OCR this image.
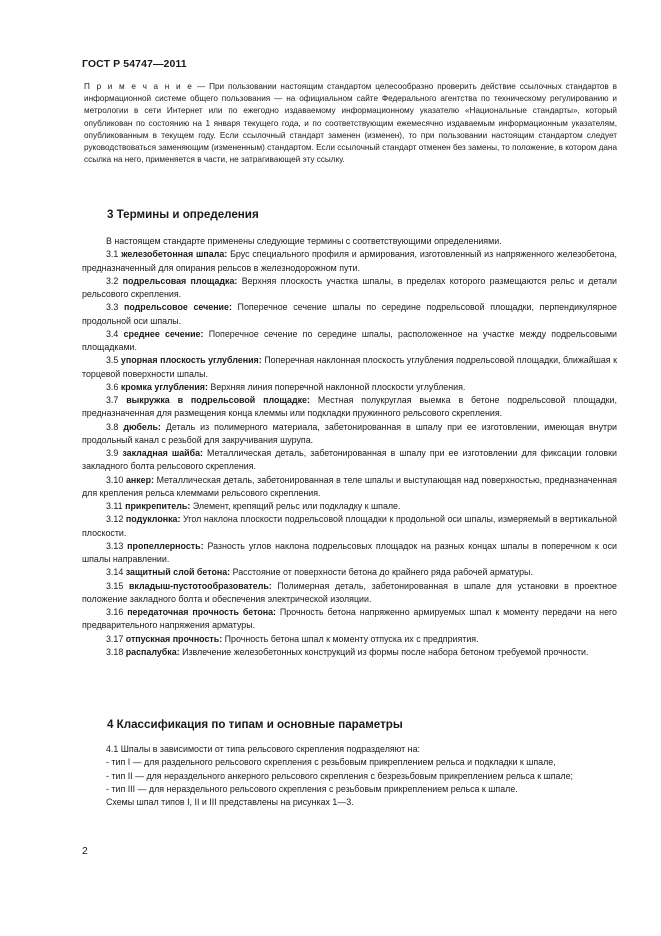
ГОСТ Р 54747—2011

П р и м е ч а н и е — При пользовании настоящим стандартом целесообразно проверить действие ссылочных стандартов в информационной системе общего пользования — на официальном сайте Федерального агентства по техническому регулированию и метрологии в сети Интернет или по ежегодно издаваемому информационному указателю «Национальные стандарты», который опубликован по состоянию на 1 января текущего года, и по соответствующим ежемесячно издаваемым информационным указателям, опубликованным в текущем году. Если ссылочный стандарт заменен (изменен), то при пользовании настоящим стандартом следует руководствоваться заменяющим (измененным) стандартом. Если ссылочный стандарт отменен без замены, то положение, в котором дана ссылка на него, применяется в части, не затрагивающей эту ссылку.

3 Термины и определения

В настоящем стандарте применены следующие термины с соответствующими определениями.

3.1 железобетонная шпала: Брус специального профиля и армирования, изготовленный из напряженного железобетона, предназначенный для опирания рельсов в железнодорожном пути.

3.2 подрельсовая площадка: Верхняя плоскость участка шпалы, в пределах которого размещаются рельс и детали рельсового скрепления.

3.3 подрельсовое сечение: Поперечное сечение шпалы по середине подрельсовой площадки, перпендикулярное продольной оси шпалы.

3.4 среднее сечение: Поперечное сечение по середине шпалы, расположенное на участке между подрельсовыми площадками.

3.5 упорная плоскость углубления: Поперечная наклонная плоскость углубления подрельсовой площадки, ближайшая к торцевой поверхности шпалы.

3.6 кромка углубления: Верхняя линия поперечной наклонной плоскости углубления.

3.7 выкружка в подрельсовой площадке: Местная полукруглая выемка в бетоне подрельсовой площадки, предназначенная для размещения конца клеммы или подкладки пружинного рельсового скрепления.

3.8 дюбель: Деталь из полимерного материала, забетонированная в шпалу при ее изготовлении, имеющая внутри продольный канал с резьбой для закручивания шурупа.

3.9 закладная шайба: Металлическая деталь, забетонированная в шпалу при ее изготовлении для фиксации головки закладного болта рельсового скрепления.

3.10 анкер: Металлическая деталь, забетонированная в теле шпалы и выступающая над поверхностью, предназначенная для крепления рельса клеммами рельсового скрепления.

3.11 прикрепитель: Элемент, крепящий рельс или подкладку к шпале.

3.12 подуклонка: Угол наклона плоскости подрельсовой площадки к продольной оси шпалы, измеряемый в вертикальной плоскости.

3.13 пропеллерность: Разность углов наклона подрельсовых площадок на разных концах шпалы в поперечном к оси шпалы направлении.

3.14 защитный слой бетона: Расстояние от поверхности бетона до крайнего ряда рабочей арматуры.

3.15 вкладыш-пустотообразователь: Полимерная деталь, забетонированная в шпале для установки в проектное положение закладного болта и обеспечения электрической изоляции.

3.16 передаточная прочность бетона: Прочность бетона напряженно армируемых шпал к моменту передачи на него предварительного напряжения арматуры.

3.17 отпускная прочность: Прочность бетона шпал к моменту отпуска их с предприятия.

3.18 распалубка: Извлечение железобетонных конструкций из формы после набора бетоном требуемой прочности.

4 Классификация по типам и основные параметры

4.1 Шпалы в зависимости от типа рельсового скрепления подразделяют на:

- тип I — для раздельного рельсового скрепления с резьбовым прикреплением рельса и подкладки к шпале,

- тип II — для нераздельного анкерного рельсового скрепления с безрезьбовым прикреплением рельса к шпале;

- тип III — для нераздельного рельсового скрепления с резьбовым прикреплением рельса к шпале.

Схемы шпал типов I, II и III представлены на рисунках 1—3.

2
